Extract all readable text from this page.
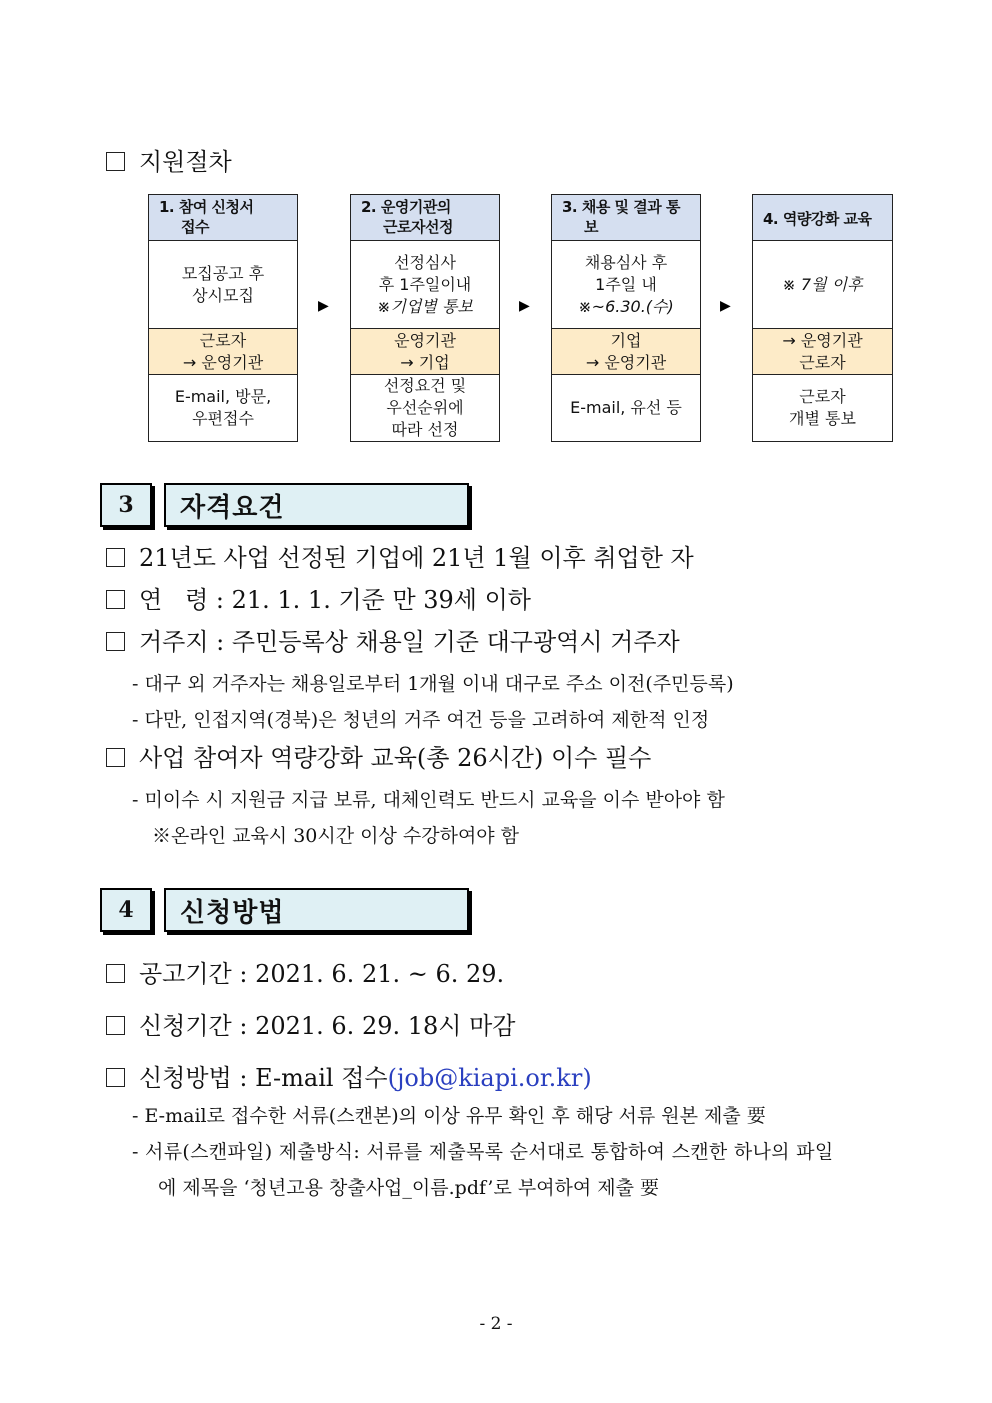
지원절차
1. 참여 신청서
접수
모집공고 후
상시모집
근로자
→ 운영기관
E-mail, 방문,
우편접수
▶
2. 운영기관의
근로자선정
선정심사
후 1주일이내
※기업별 통보
운영기관
→ 기업
선정요건 및
우선순위에
따라 선정
▶
3. 채용 및 결과 통
보
채용심사 후
1주일 내
※~6.30.(수)
기업
→ 운영기관
E-mail, 유선 등
▶
4. 역량강화 교육
※ 7월 이후
→ 운영기관
근로자
근로자
개별 통보
3	자격요건
21년도 사업 선정된 기업에 21년 1월 이후 취업한 자
연   령 : 21. 1. 1. 기준 만 39세 이하
거주지 : 주민등록상 채용일 기준 대구광역시 거주자
- 대구 외 거주자는 채용일로부터 1개월 이내 대구로 주소 이전(주민등록)
- 다만, 인접지역(경북)은 청년의 거주 여건 등을 고려하여 제한적 인정
사업 참여자 역량강화 교육(총 26시간) 이수 필수
- 미이수 시 지원금 지급 보류, 대체인력도 반드시 교육을 이수 받아야 함
※온라인 교육시 30시간 이상 수강하여야 함
4	신청방법
공고기간 : 2021. 6. 21. ~ 6. 29.
신청기간 : 2021. 6. 29. 18시 마감
신청방법 : E-mail 접수(job@kiapi.or.kr)
- E-mail로 접수한 서류(스캔본)의 이상 유무 확인 후 해당 서류 원본 제출 要
- 서류(스캔파일) 제출방식: 서류를 제출목록 순서대로 통합하여 스캔한 하나의 파일
에 제목을 ‘청년고용 창출사업_이름.pdf’로 부여하여 제출 要
- 2 -
